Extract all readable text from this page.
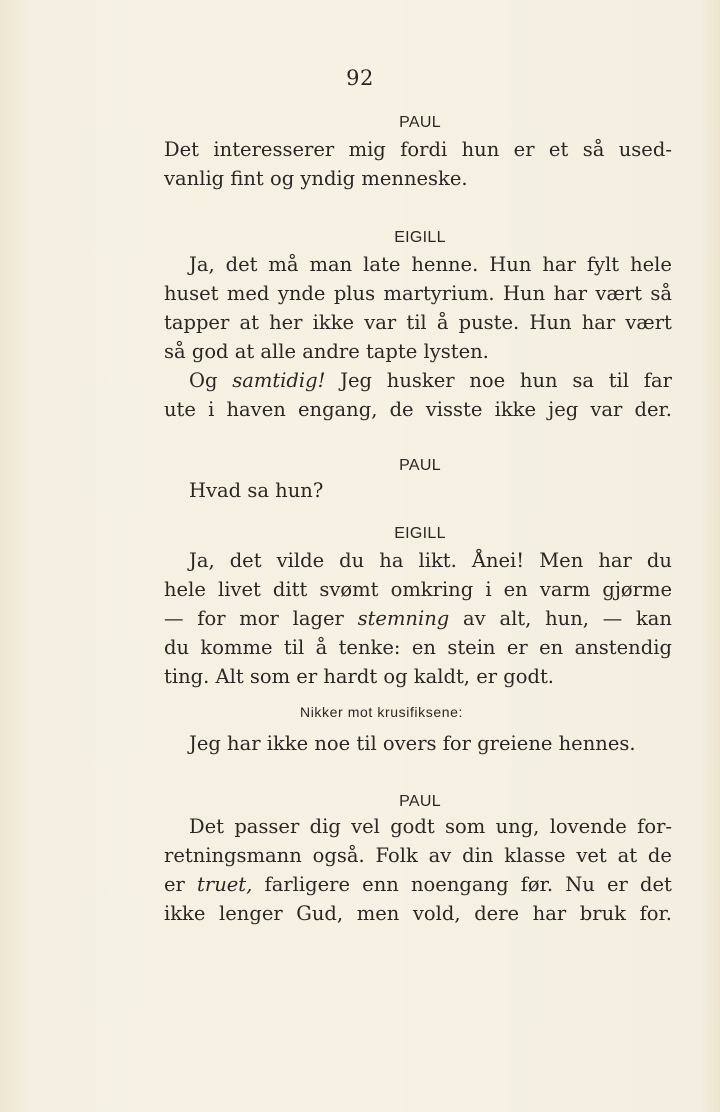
92
PAUL
Det interesserer mig fordi hun er et så used-
vanlig fint og yndig menneske.
EIGILL
Ja, det må man late henne. Hun har fylt hele
huset med ynde plus martyrium. Hun har vært så
tapper at her ikke var til å puste. Hun har vært
så god at alle andre tapte lysten.
Og samtidig! Jeg husker noe hun sa til far
ute i haven engang, de visste ikke jeg var der.
PAUL
Hvad sa hun?
EIGILL
Ja, det vilde du ha likt. Ånei! Men har du
hele livet ditt svømt omkring i en varm gjørme
— for mor lager stemning av alt, hun, — kan
du komme til å tenke: en stein er en anstendig
ting. Alt som er hardt og kaldt, er godt.
Nikker mot krusifiksene:
Jeg har ikke noe til overs for greiene hennes.
PAUL
Det passer dig vel godt som ung, lovende for-
retningsmann også. Folk av din klasse vet at de
er truet, farligere enn noengang før. Nu er det
ikke lenger Gud, men vold, dere har bruk for.
